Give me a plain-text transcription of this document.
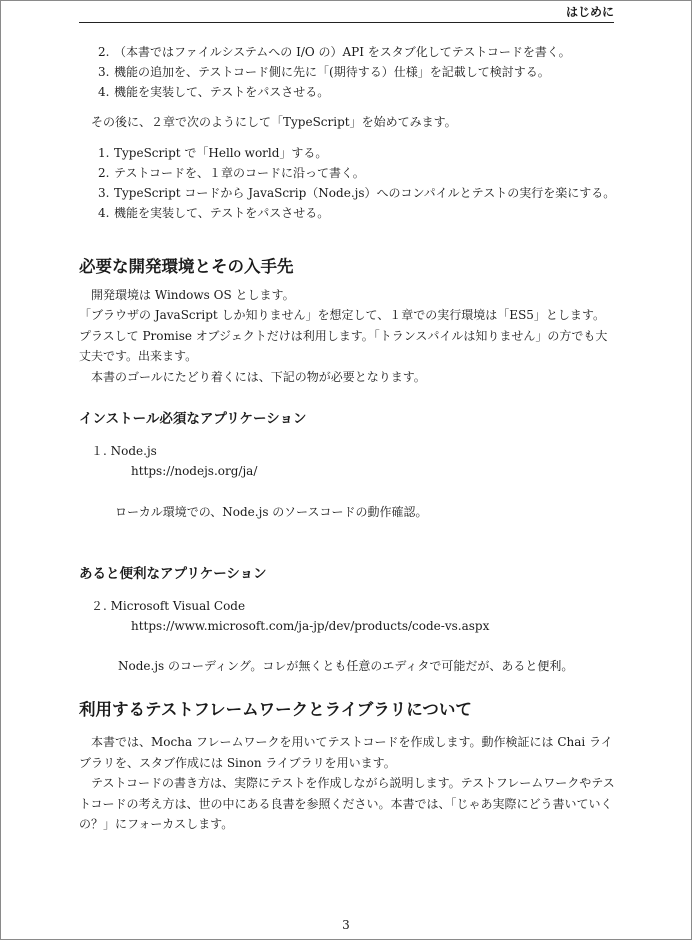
はじめに
2. （本書ではファイルシステムへの I/O の）API をスタブ化してテストコードを書く。
3. 機能の追加を、テストコード側に先に「(期待する）仕様」を記載して検討する。
4. 機能を実装して、テストをパスさせる。
その後に、２章で次のようにして「TypeScript」を始めてみます。
1. TypeScript で「Hello world」する。
2. テストコードを、１章のコードに沿って書く。
3. TypeScript コードから JavaScrip（Node.js）へのコンパイルとテストの実行を楽にする。
4. 機能を実装して、テストをパスさせる。
必要な開発環境とその入手先
開発環境は Windows OS とします。
「ブラウザの JavaScript しか知りません」を想定して、１章での実行環境は「ES5」とします。プラスして Promise オブジェクトだけは利用します。「トランスパイルは知りません」の方でも大丈夫です。出来ます。
本書のゴールにたどり着くには、下記の物が必要となります。
インストール必須なアプリケーション
１. Node.js
https://nodejs.org/ja/
ローカル環境での、Node.js のソースコードの動作確認。
あると便利なアプリケーション
２. Microsoft Visual Code
https://www.microsoft.com/ja-jp/dev/products/code-vs.aspx
Node.js のコーディング。コレが無くとも任意のエディタで可能だが、あると便利。
利用するテストフレームワークとライブラリについて
本書では、Mocha フレームワークを用いてテストコードを作成します。動作検証には Chai ライブラリを、スタブ作成には Sinon ライブラリを用います。
テストコードの書き方は、実際にテストを作成しながら説明します。テストフレームワークやテストコードの考え方は、世の中にある良書を参照ください。本書では、「じゃあ実際にどう書いていくの？」にフォーカスします。
3
